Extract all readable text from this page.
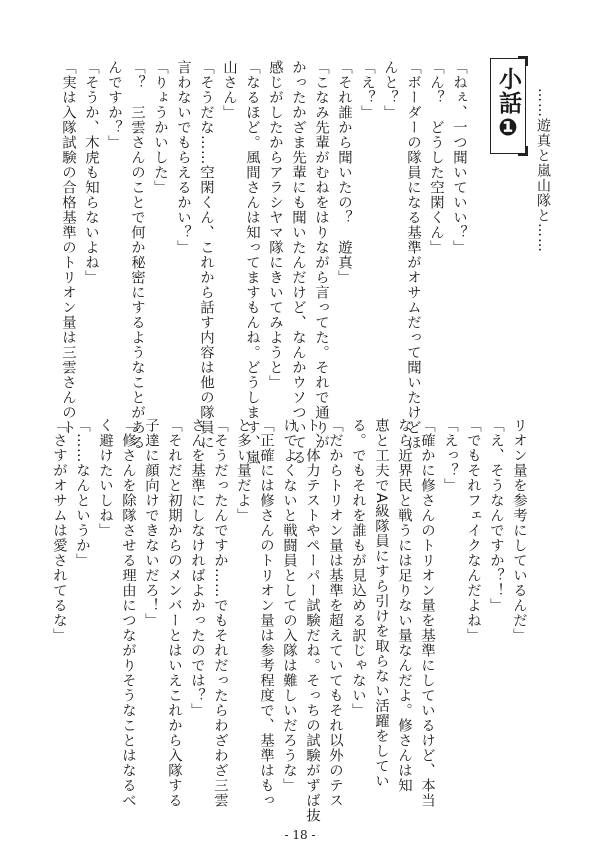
小話❶ ……遊真と嵐山隊と……
「ねぇ、一つ聞いていい？」
「ん？　どうした空閑くん」
「ボーダーの隊員になる基準がオサムだって聞いたけどほ
んと？」
「え？」
「それ誰から聞いたの？　遊真」
「こなみ先輩がむねをはりながら言ってた。それで通りが
かったかざま先輩にも聞いたんだけど、なんかウソついてる
感じがしたからアラシヤマ隊にきいてみようと」
「なるほど。風間さんは知ってますもんね。どうします、嵐
山さん」
「そうだな……空閑くん、これから話す内容は他の隊員に
言わないでもらえるかい？」
「りょうかいした」
「？　三雲さんのことで何か秘密にするようなことがある
んですか？」
「そうか、木虎も知らないよね」
「実は入隊試験の合格基準のトリオン量は三雲さんのト
リオン量を参考にしているんだ」
「え、そうなんですか？！」
「でもそれフェイクなんだよね」
「えっ？」
「確かに修さんのトリオン量を基準にしているけど、本当
なら近界民と戦うには足りない量なんだよ。修さんは知
恵と工夫でA級隊員にすら引けを取らない活躍をしてい
る。でもそれを誰もが見込める訳じゃない」
「だからトリオン量は基準を超えていてもそれ以外のテス
ト、体力テストやペーパー試験だね。そっちの試験がずば抜
けてよくないと戦闘員としての入隊は難しいだろうな」
「正確には修さんのトリオン量は参考程度で、基準はもっ
と多い量だよ」
「そうだったんですか……でもそれだったらわざわざ三雲
さんを基準にしなければよかったのでは？」
「それだと初期からのメンバーとはいえこれから入隊する
子達に顔向けできないだろ！」
「修さんを除隊させる理由につながりそうなことはなるべ
く避けたいしね」
「……なんというか」
「さすがオサムは愛されてるな」
- 18 -
